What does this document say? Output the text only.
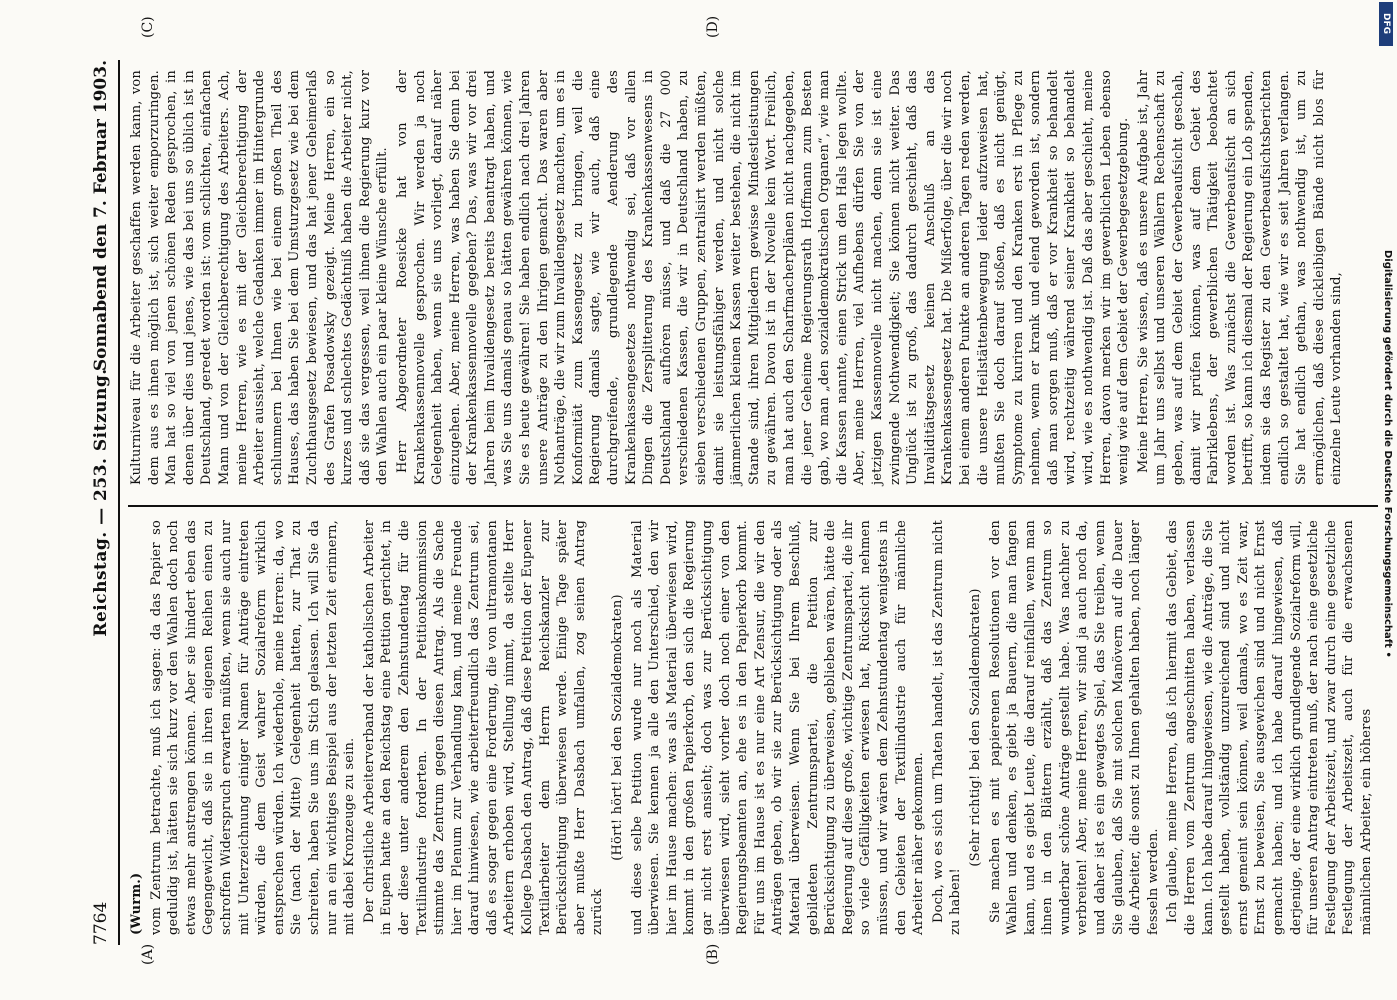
7764
Reichstag. — 253. Sitzung.
Sonnabend den 7. Februar 1903.
(A)	(B)
(C)	(D)

(Wurm.) vom Zentrum betrachte, muß ich sagen: da das Papier so geduldig ist, hätten sie sich kurz vor den Wahlen doch noch etwas mehr anstrengen können. Aber sie hindert eben das Gegengewicht, daß sie in ihren eigenen Reihen einen zu schroffen Widerspruch erwarten müßten, wenn sie auch nur mit Unterzeichnung einiger Namen für Anträge eintreten würden, die dem Geist wahrer Sozialreform wirklich entsprechen würden. Ich wiederhole, meine Herren: da, wo Sie (nach der Mitte) Gelegenheit hatten, zur That zu schreiten, haben Sie uns im Stich gelassen. Ich will Sie da nur an ein wichtiges Beispiel aus der letzten Zeit erinnern, mit dabei Kronzeuge zu sein. Der christliche Arbeiterverband der katholischen Arbeiter in Eupen hatte an den Reichstag eine Petition gerichtet, in der diese unter anderem den Zehnstundentag für die Textilindustrie forderten. In der Petitionskommission stimmte das Zentrum gegen diesen Antrag. Als die Sache hier im Plenum zur Verhandlung kam, und meine Freunde darauf hinwiesen, wie arbeiterfreundlich das Zentrum sei, daß es sogar gegen eine Forderung, die von ultramontanen Arbeitern erhoben wird, Stellung nimmt, da stellte Herr Kollege Dasbach den Antrag, daß diese Petition der Eupener Textilarbeiter dem Herrn Reichskanzler zur Berücksichtigung überwiesen werde. Einige Tage später aber mußte Herr Dasbach umfallen, zog seinen Antrag zurück

(Hört! hört! bei den Sozialdemokraten) und diese selbe Petition wurde nur noch als Material überwiesen. Sie kennen ja alle den Unterschied, den wir hier im Hause machen: was als Material überwiesen wird, kommt in den großen Papierkorb, den sich die Regierung gar nicht erst ansieht; doch was zur Berücksichtigung überwiesen wird, sieht vorher doch noch einer von den Regierungsbeamten an, ehe es in den Papierkorb kommt. Für uns im Hause ist es nur eine Art Zensur, die wir den Anträgen geben, ob wir sie zur Berücksichtigung oder als Material überweisen. Wenn Sie bei Ihrem Beschluß, gebildeten Zentrumspartei, die Petition zur Berücksichtigung zu überweisen, geblieben wären, hätte die Regierung auf diese große, wichtige Zentrumspartei, die ihr so viele Gefälligkeiten erwiesen hat, Rücksicht nehmen müssen, und wir wären dem Zehnstundentag wenigstens in den Gebieten der Textilindustrie auch für männliche Arbeiter näher gekommen. Doch, wo es sich um Thaten handelt, ist das Zentrum nicht zu haben!

(Sehr richtig! bei den Sozialdemokraten) Sie machen es mit papierenen Resolutionen vor den Wahlen und denken, es giebt ja Bauern, die man fangen kann, und es giebt Leute, die darauf reinfallen, wenn man ihnen in den Blättern erzählt, daß das Zentrum so wunderbar schöne Anträge gestellt habe. Was nachher zu verbreiten! Aber, meine Herren, wir sind ja auch noch da, und daher ist es ein gewagtes Spiel, das Sie treiben, wenn Sie glauben, daß Sie mit solchen Manövern auf die Dauer die Arbeiter, die sonst zu Ihnen gehalten haben, noch länger fesseln werden. Ich glaube, meine Herren, daß ich hiermit das Gebiet, das die Herren vom Zentrum angeschnitten haben, verlassen kann. Ich habe darauf hingewiesen, wie die Anträge, die Sie gestellt haben, vollständig unzureichend sind und nicht ernst gemeint sein können, weil damals, wo es Zeit war, Ernst zu beweisen, Sie ausgewichen sind und nicht Ernst gemacht haben; und ich habe darauf hingewiesen, daß derjenige, der eine wirklich grundlegende Sozialreform will, für unseren Antrag eintreten muß, der nach eine gesetzliche Festlegung der Arbeitszeit, und zwar durch eine gesetzliche Festlegung der Arbeitszeit, auch für die erwachsenen männlichen Arbeiter, ein höheres

Kulturniveau für die Arbeiter geschaffen werden kann, von dem aus es ihnen möglich ist, sich weiter emporzuringen. Man hat so viel von jenen schönen Reden gesprochen, in denen über dies und jenes, wie das bei uns so üblich ist in Deutschland, geredet worden ist: vom schlichten, einfachen Mann und von der Gleichberechtigung des Arbeiters. Ach, meine Herren, wie es mit der Gleichberechtigung der Arbeiter aussieht, welche Gedanken immer im Hintergrunde schlummern bei Ihnen wie bei einem großen Theil des Hauses, das haben Sie bei dem Umsturzgesetz wie bei dem Zuchthausgesetz bewiesen, und das hat jener Geheimerlaß des Grafen Posadowsky gezeigt. Meine Herren, ein so kurzes und schlechtes Gedächtniß haben die Arbeiter nicht, daß sie das vergessen, weil ihnen die Regierung kurz vor den Wahlen auch ein paar kleine Wünsche erfüllt. Herr Abgeordneter Roesicke hat von der Krankenkassennovelle gesprochen. Wir werden ja noch Gelegenheit haben, wenn sie uns vorliegt, darauf näher einzugehen. Aber, meine Herren, was haben Sie denn bei der Krankenkassennovelle gegeben? Das, was wir vor drei Jahren beim Invalidengesetz bereits beantragt haben, und was Sie uns damals genau so hätten gewähren können, wie Sie es heute gewähren! Sie haben endlich nach drei Jahren unsere Anträge zu den Ihrigen gemacht. Das waren aber Nothanträge, die wir zum Invalidengesetz machten, um es in Konformität zum Kassengesetz zu bringen, weil die Regierung damals sagte, wie wir auch, daß eine durchgreifende, grundlegende Aenderung des Krankenkassengesetzes nothwendig sei, daß vor allen Dingen die Zersplitterung des Krankenkassenwesens in Deutschland aufhören müsse, und daß die 27 000 verschiedenen Kassen, die wir in Deutschland haben, zu sieben verschiedenen Gruppen, zentralisirt werden müßten, damit sie leistungsfähiger werden, und nicht solche jämmerlichen kleinen Kassen weiter bestehen, die nicht im Stande sind, ihren Mitgliedern gewisse Mindestleistungen zu gewähren. Davon ist in der Novelle kein Wort. Freilich, man hat auch den Scharfmacherplänen nicht nachgegeben, die jener Geheime Regierungsrath Hoffmann zum Besten gab, wo man „den sozialdemokratischen Organen“, wie man die Kassen nannte, einen Strick um den Hals legen wollte. Aber, meine Herren, viel Aufhebens dürfen Sie von der jetzigen Kassennovelle nicht machen, denn sie ist eine zwingende Nothwendigkeit; Sie können nicht weiter. Das Unglück ist zu groß, das dadurch geschieht, daß das Invaliditätsgesetz keinen Anschluß an das Krankenkassengesetz hat. Die Mißerfolge, über die wir noch bei einem anderen Punkte an anderen Tagen reden werden, die unsere Heilstättenbewegung leider aufzuweisen hat, mußten Sie doch darauf stoßen, daß es nicht genügt, Symptome zu kuriren und den Kranken erst in Pflege zu nehmen, wenn er krank und elend geworden ist, sondern daß man sorgen muß, daß er vor Krankheit so behandelt wird, rechtzeitig während seiner Krankheit so behandelt wird, wie es nothwendig ist. Daß das aber geschieht, meine Herren, davon merken wir im gewerblichen Leben ebenso wenig wie auf dem Gebiet der Gewerbegesetzgebung. Meine Herren, Sie wissen, daß es unsere Aufgabe ist, Jahr um Jahr uns selbst und unseren Wählern Rechenschaft zu geben, was auf dem Gebiet der Gewerbeaufsicht geschah, damit wir prüfen können, was auf dem Gebiet des Fabriklebens, der gewerblichen Thätigkeit beobachtet worden ist. Was zunächst die Gewerbeaufsicht an sich betrifft, so kann ich diesmal der Regierung ein Lob spenden, indem sie das Register zu den Gewerbeaufsichtsberichten endlich so gestaltet hat, wie wir es seit Jahren verlangen. Sie hat endlich gethan, was nothwendig ist, um zu ermöglichen, daß diese dickleibigen Bände nicht blos für einzelne Leute vorhanden sind,

DFG
Digitalisierung gefördert durch die Deutsche Forschungsgemeinschaft •
